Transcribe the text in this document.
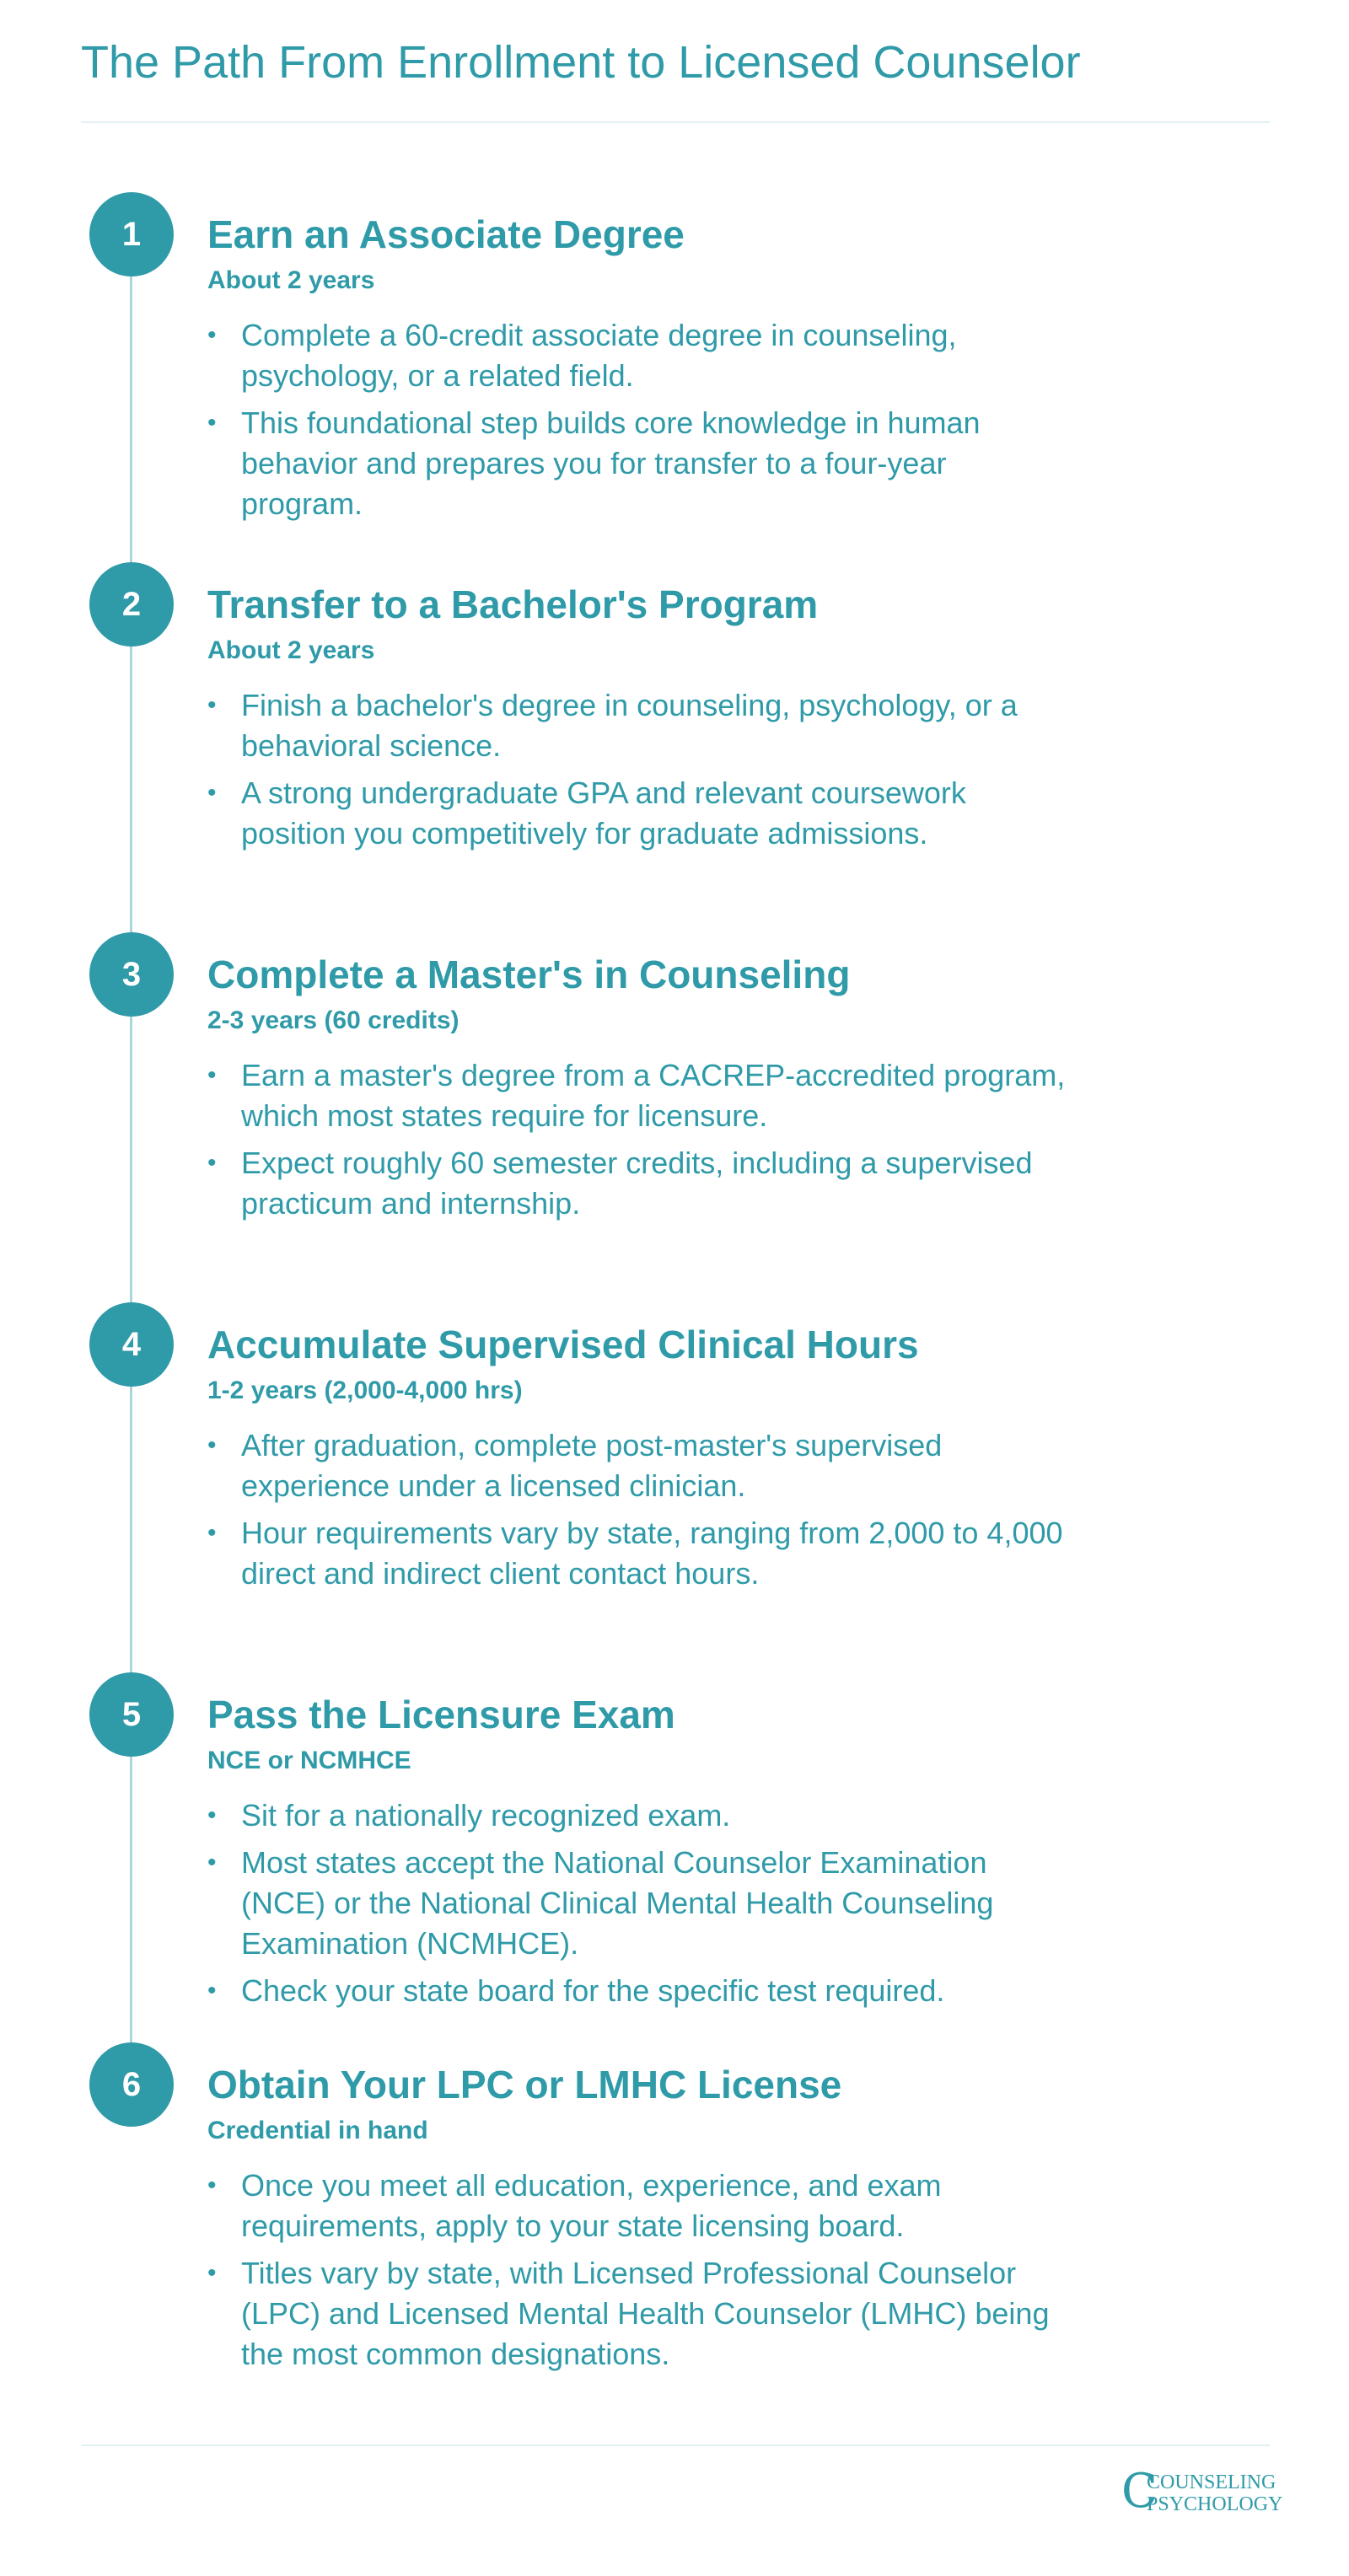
The Path From Enrollment to Licensed Counselor
1	Earn an Associate Degree

About 2 years

• Complete a 60-credit associate degree in counseling, psychology, or a related field.
• This foundational step builds core knowledge in human behavior and prepares you for transfer to a four-year program.
2	Transfer to a Bachelor's Program

About 2 years

• Finish a bachelor's degree in counseling, psychology, or a behavioral science.
• A strong undergraduate GPA and relevant coursework position you competitively for graduate admissions.
3	Complete a Master's in Counseling

2-3 years (60 credits)

• Earn a master's degree from a CACREP-accredited program, which most states require for licensure.
• Expect roughly 60 semester credits, including a supervised practicum and internship.
4	Accumulate Supervised Clinical Hours

1-2 years (2,000-4,000 hrs)

• After graduation, complete post-master's supervised experience under a licensed clinician.
• Hour requirements vary by state, ranging from 2,000 to 4,000 direct and indirect client contact hours.
5	Pass the Licensure Exam

NCE or NCMHCE

• Sit for a nationally recognized exam.
• Most states accept the National Counselor Examination (NCE) or the National Clinical Mental Health Counseling Examination (NCMHCE).
• Check your state board for the specific test required.
6	Obtain Your LPC or LMHC License

Credential in hand

• Once you meet all education, experience, and exam requirements, apply to your state licensing board.
• Titles vary by state, with Licensed Professional Counselor (LPC) and Licensed Mental Health Counselor (LMHC) being the most common designations.
C
COUNSELING
PSYCHOLOGY
